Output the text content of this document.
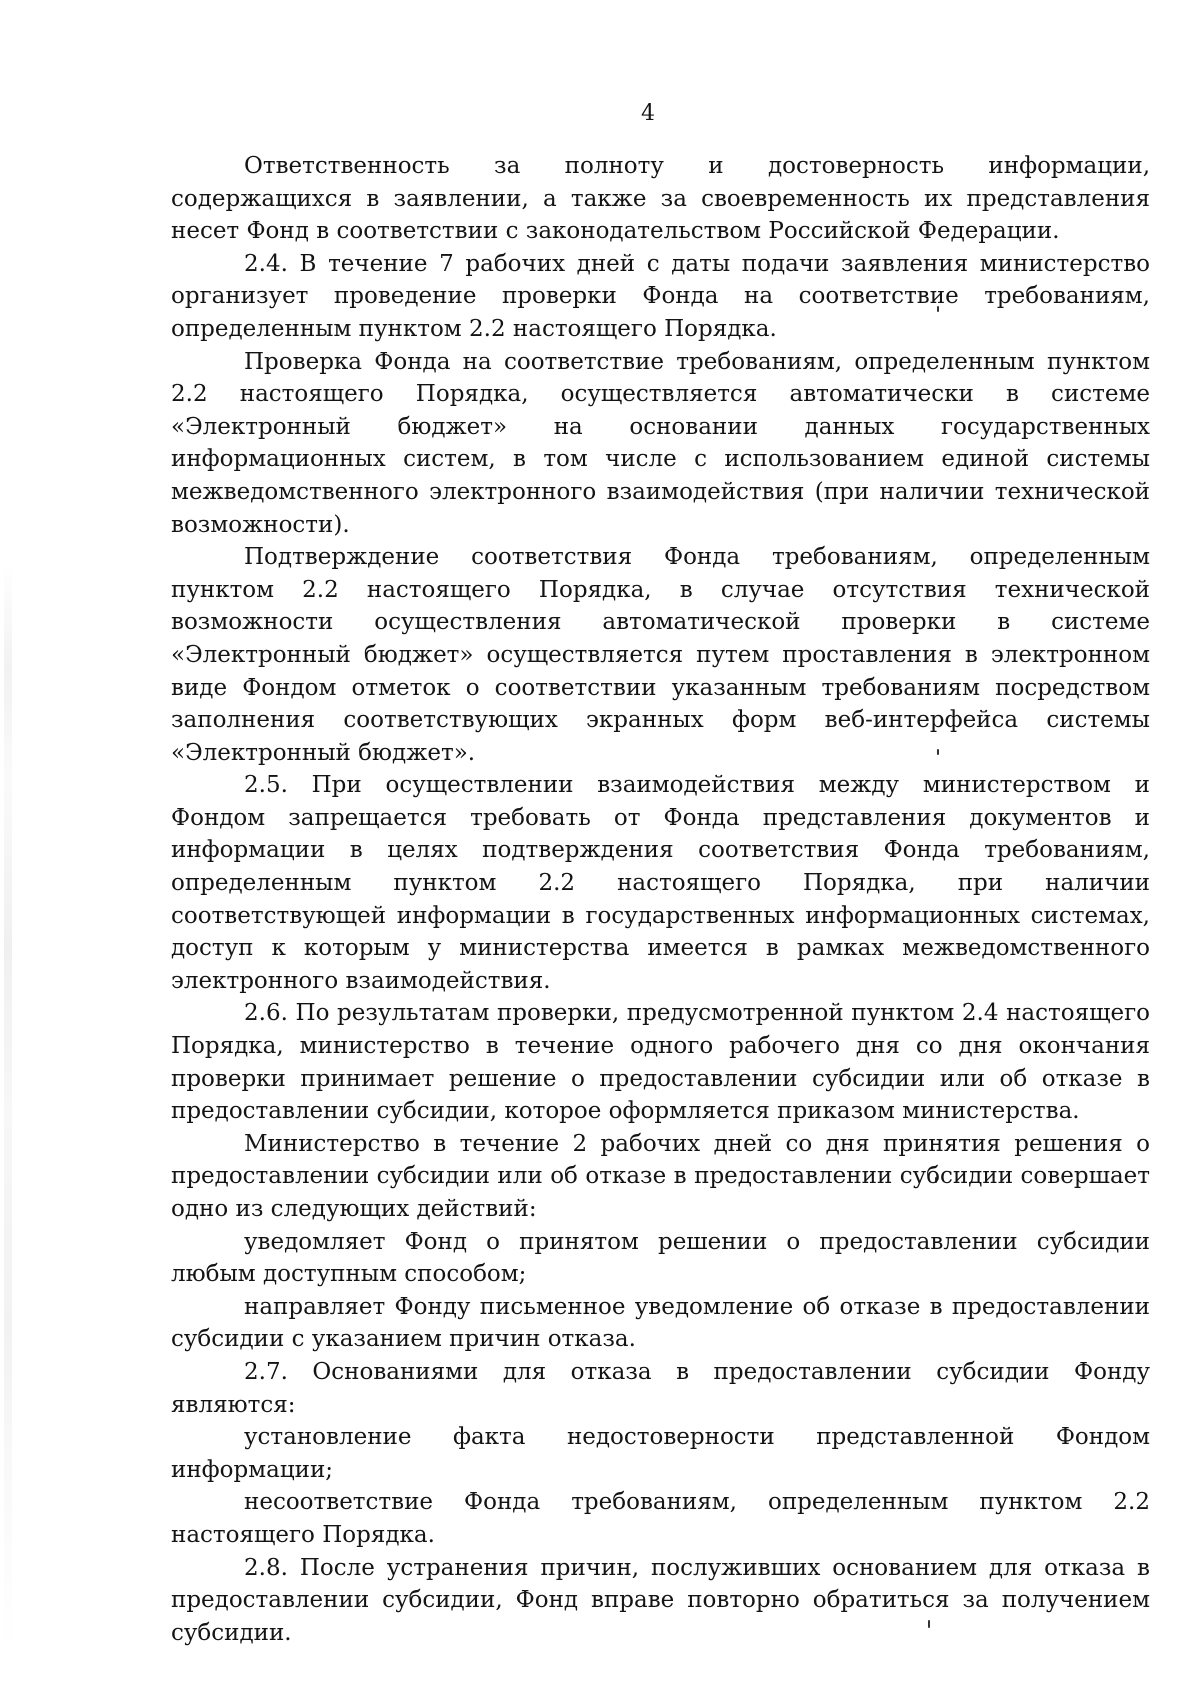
4

Ответственность за полноту и достоверность информации, содержащихся в заявлении, а также за своевременность их представления несет Фонд в соответствии с законодательством Российской Федерации.

2.4. В течение 7 рабочих дней с даты подачи заявления министерство организует проведение проверки Фонда на соответствие требованиям, определенным пунктом 2.2 настоящего Порядка.

Проверка Фонда на соответствие требованиям, определенным пунктом 2.2 настоящего Порядка, осуществляется автоматически в системе «Электронный бюджет» на основании данных государственных информационных систем, в том числе с использованием единой системы межведомственного электронного взаимодействия (при наличии технической возможности).

Подтверждение соответствия Фонда требованиям, определенным пунктом 2.2 настоящего Порядка, в случае отсутствия технической возможности осуществления автоматической проверки в системе «Электронный бюджет» осуществляется путем проставления в электронном виде Фондом отметок о соответствии указанным требованиям посредством заполнения соответствующих экранных форм веб-интерфейса системы «Электронный бюджет».

2.5. При осуществлении взаимодействия между министерством и Фондом запрещается требовать от Фонда представления документов и информации в целях подтверждения соответствия Фонда требованиям, определенным пунктом 2.2 настоящего Порядка, при наличии соответствующей информации в государственных информационных системах, доступ к которым у министерства имеется в рамках межведомственного электронного взаимодействия.

2.6. По результатам проверки, предусмотренной пунктом 2.4 настоящего Порядка, министерство в течение одного рабочего дня со дня окончания проверки принимает решение о предоставлении субсидии или об отказе в предоставлении субсидии, которое оформляется приказом министерства.

Министерство в течение 2 рабочих дней со дня принятия решения о предоставлении субсидии или об отказе в предоставлении субсидии совершает одно из следующих действий:

уведомляет Фонд о принятом решении о предоставлении субсидии любым доступным способом;

направляет Фонду письменное уведомление об отказе в предоставлении субсидии с указанием причин отказа.

2.7. Основаниями для отказа в предоставлении субсидии Фонду являются:

установление факта недостоверности представленной Фондом информации;

несоответствие Фонда требованиям, определенным пунктом 2.2 настоящего Порядка.

2.8. После устранения причин, послуживших основанием для отказа в предоставлении субсидии, Фонд вправе повторно обратиться за получением субсидии.
